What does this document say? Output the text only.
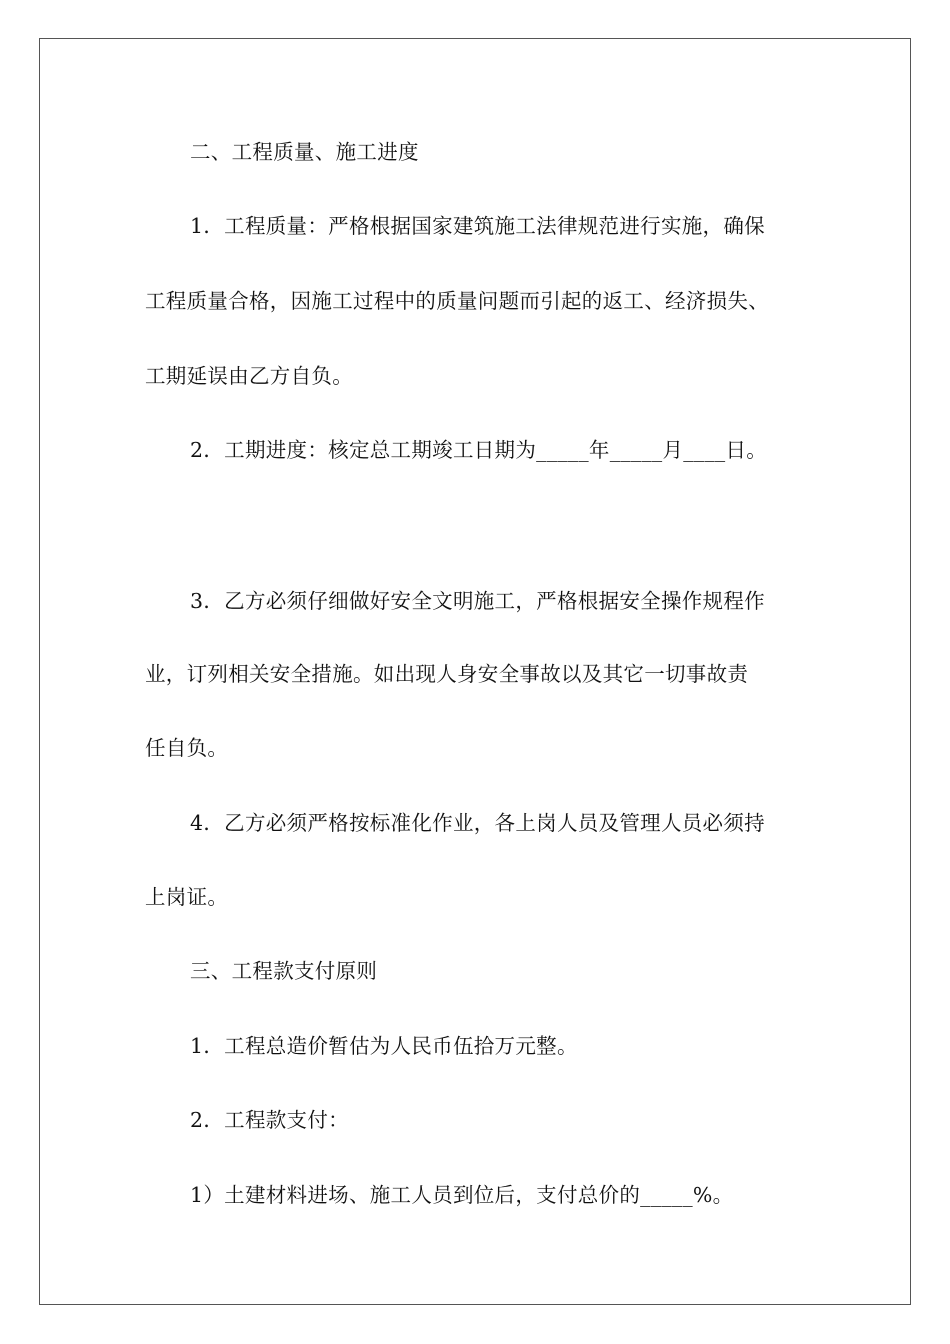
二、工程质量、施工进度
1．工程质量：严格根据国家建筑施工法律规范进行实施，确保
工程质量合格，因施工过程中的质量问题而引起的返工、经济损失、
工期延误由乙方自负。
2．工期进度：核定总工期竣工日期为_____年_____月____日。
3．乙方必须仔细做好安全文明施工，严格根据安全操作规程作
业，订列相关安全措施。如出现人身安全事故以及其它一切事故责
任自负。
4．乙方必须严格按标准化作业，各上岗人员及管理人员必须持
上岗证。
三、工程款支付原则
1．工程总造价暂估为人民币伍拾万元整。
2．工程款支付：
1）土建材料进场、施工人员到位后，支付总价的_____%。
